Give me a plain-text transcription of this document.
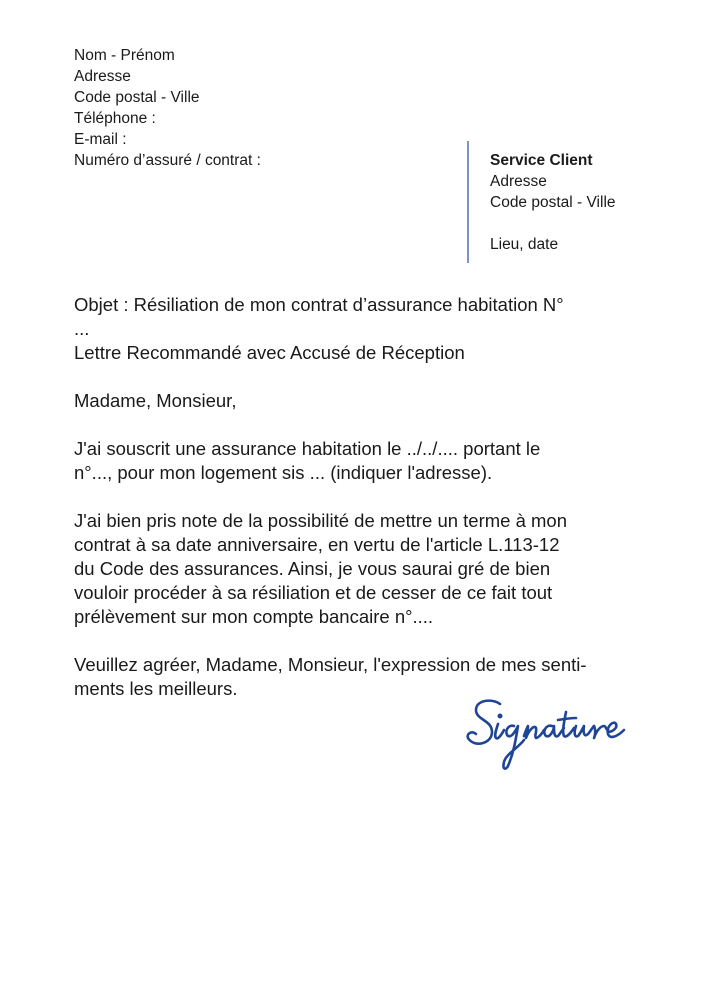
Nom - Prénom
Adresse
Code postal - Ville
Téléphone :
E-mail :
Numéro d’assuré / contrat :	Service Client
Adresse
Code postal - Ville
Lieu, date
Objet : Résiliation de mon contrat d’assurance habitation N°
...
Lettre Recommandé avec Accusé de Réception
Madame, Monsieur,
J'ai souscrit une assurance habitation le ../../.... portant le
n°..., pour mon logement sis ... (indiquer l'adresse).
J'ai bien pris note de la possibilité de mettre un terme à mon
contrat à sa date anniversaire, en vertu de l'article L.113-12
du Code des assurances. Ainsi, je vous saurai gré de bien
vouloir procéder à sa résiliation et de cesser de ce fait tout
prélèvement sur mon compte bancaire n°....
Veuillez agréer, Madame, Monsieur, l'expression de mes senti-
ments les meilleurs.
